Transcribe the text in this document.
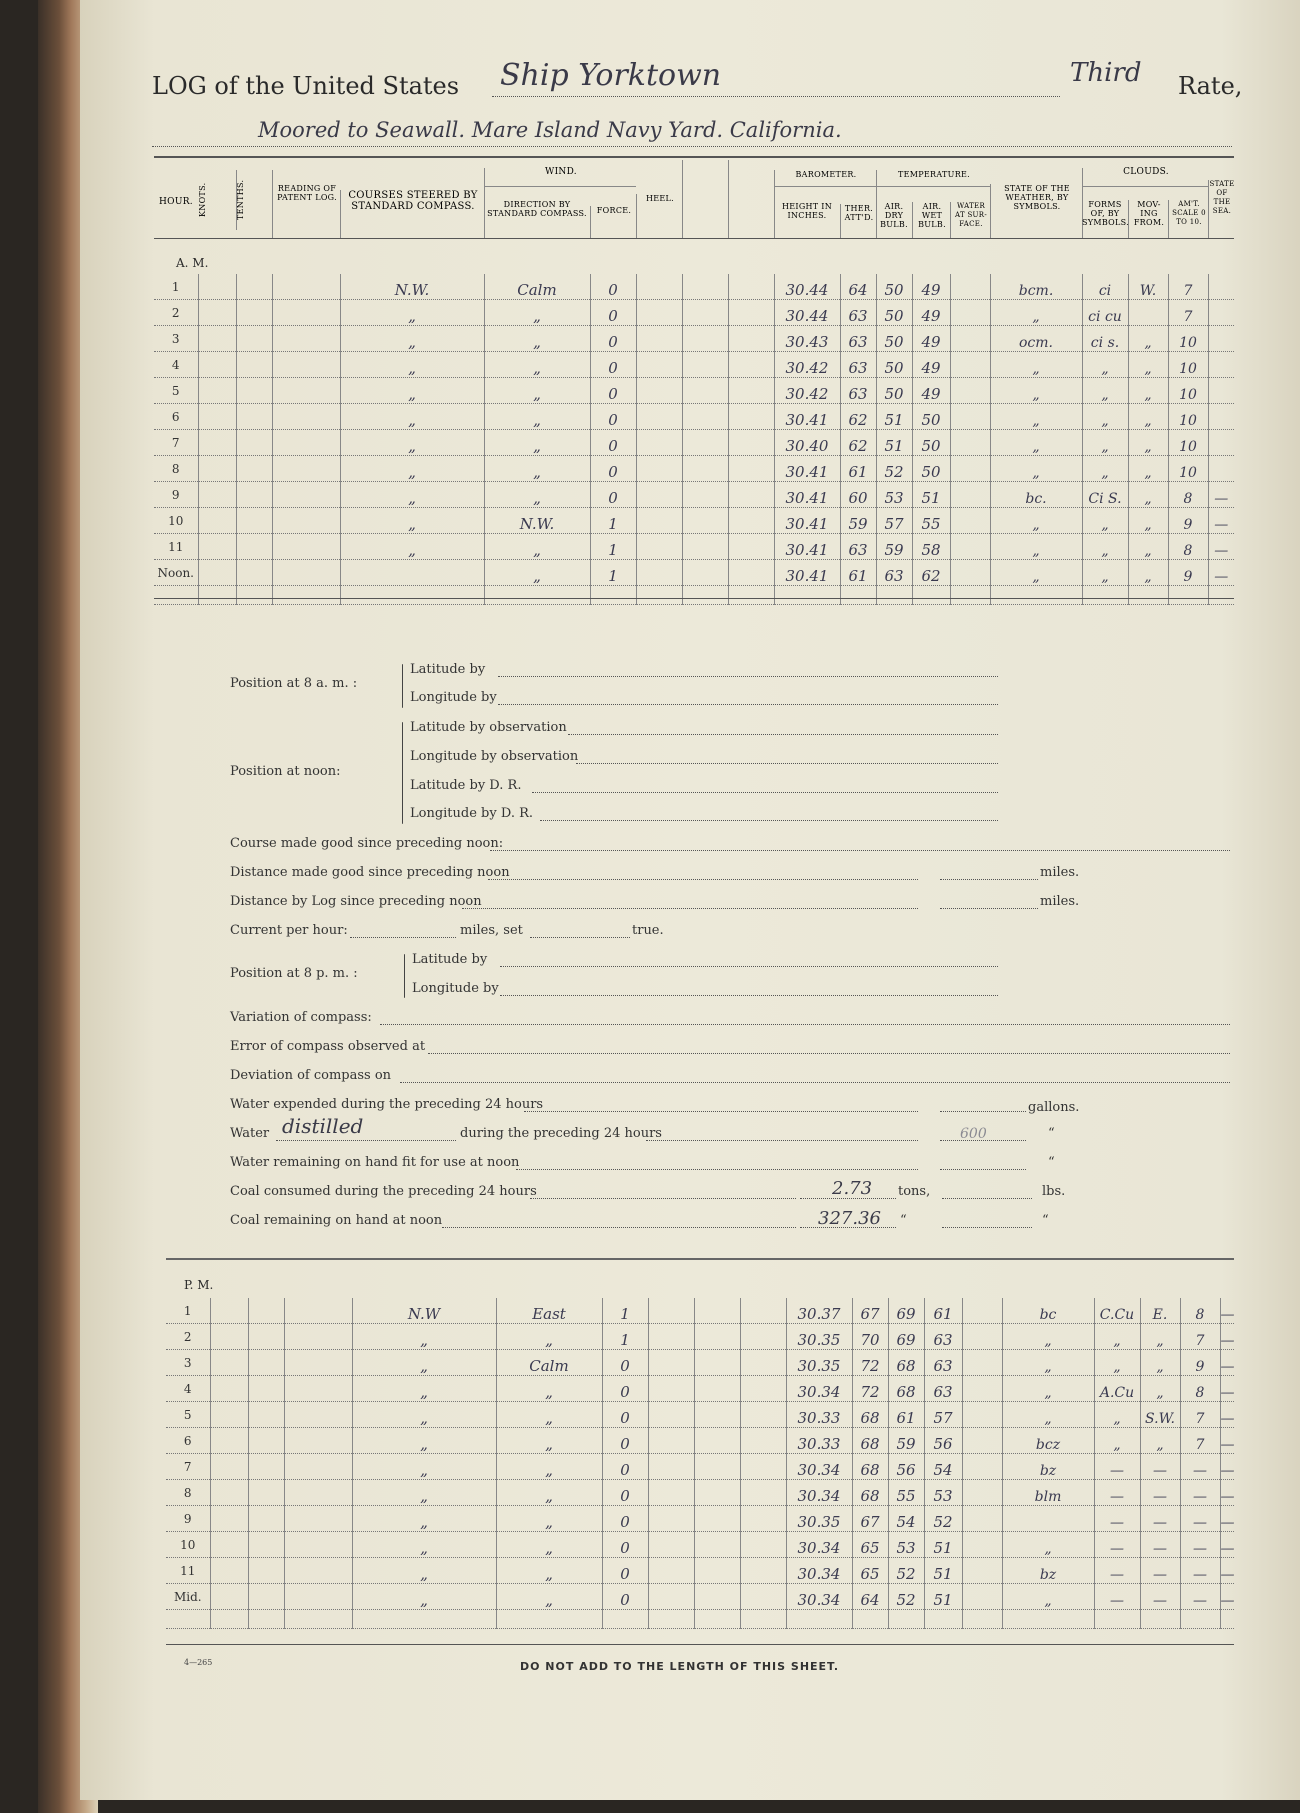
LOG of the United States Ship Yorktown	Third Rate,
Moored to Seawall. Mare Island Navy Yard. California.
HOUR. KNOTS.	TENTHS.	READING OF PATENT LOG.	COURSES STEERED BY STANDARD COMPASS.
WIND.
DIRECTION BY STANDARD COMPASS.	FORCE.
HEEL.
BAROMETER.
HEIGHT IN INCHES.
THER. ATT'D.
TEMPERATURE.
AIR. DRY BULB.
AIR. WET BULB.
WATER AT SUR-FACE.
STATE OF THE WEATHER, BY SYMBOLS.
CLOUDS.
FORMS OF, BY SYMBOLS.
MOV-ING FROM.
AM'T. SCALE 0 TO 10.
STATE OF THE SEA.
A. M.
1				N.W.	Calm	0				30.44	64	50	49		bcm.	ci	W.	7	

2				„	„	0				30.44	63	50	49		„	ci cu		7	

3				„	„	0				30.43	63	50	49		ocm.	ci s.	„	10	

4				„	„	0				30.42	63	50	49		„	„	„	10	

5				„	„	0				30.42	63	50	49		„	„	„	10	

6				„	„	0				30.41	62	51	50		„	„	„	10	

7				„	„	0				30.40	62	51	50		„	„	„	10	

8				„	„	0				30.41	61	52	50		„	„	„	10	

9				„	„	0				30.41	60	53	51		bc.	Ci S.	„	8	—

10				„	N.W.	1				30.41	59	57	55		„	„	„	9	—

11				„	„	1				30.41	63	59	58		„	„	„	8	—

Noon.					„	1				30.41	61	63	62		„	„	„	9	—

Position at 8 a. m. :
Latitude by
Longitude by
Position at noon:
Latitude by observation
Longitude by observation
Latitude by D. R.
Longitude by D. R.
Course made good since preceding noon:
Distance made good since preceding noon	miles.
Distance by Log since preceding noon	miles.
Current per hour:	miles, set	true.
Position at 8 p. m. :
Latitude by
Longitude by
Variation of compass:
Error of compass observed at
Deviation of compass on
Water expended during the preceding 24 hours	gallons.
Water distilled	during the preceding 24 hours	600	“
Water remaining on hand fit for use at noon	“
Coal consumed during the preceding 24 hours	2.73 tons,	lbs.
Coal remaining on hand at noon	327.36 “	“
P. M.
1				N.W	East	1				30.37	67	69	61		bc	C.Cu	E.	8	—

2				„	„	1				30.35	70	69	63		„	„	„	7	—

3				„	Calm	0				30.35	72	68	63		„	„	„	9	—

4				„	„	0				30.34	72	68	63		„	A.Cu	„	8	—

5				„	„	0				30.33	68	61	57		„	„	S.W.	7	—

6				„	„	0				30.33	68	59	56		bcz	„	„	7	—

7				„	„	0				30.34	68	56	54		bz	—	—	—	—

8				„	„	0				30.34	68	55	53		blm	—	—	—	—

9				„	„	0				30.35	67	54	52			—	—	—	—

10				„	„	0				30.34	65	53	51		„	—	—	—	—

11				„	„	0				30.34	65	52	51		bz	—	—	—	—

Mid.				„	„	0				30.34	64	52	51		„	—	—	—	—

4—265	DO NOT ADD TO THE LENGTH OF THIS SHEET.
